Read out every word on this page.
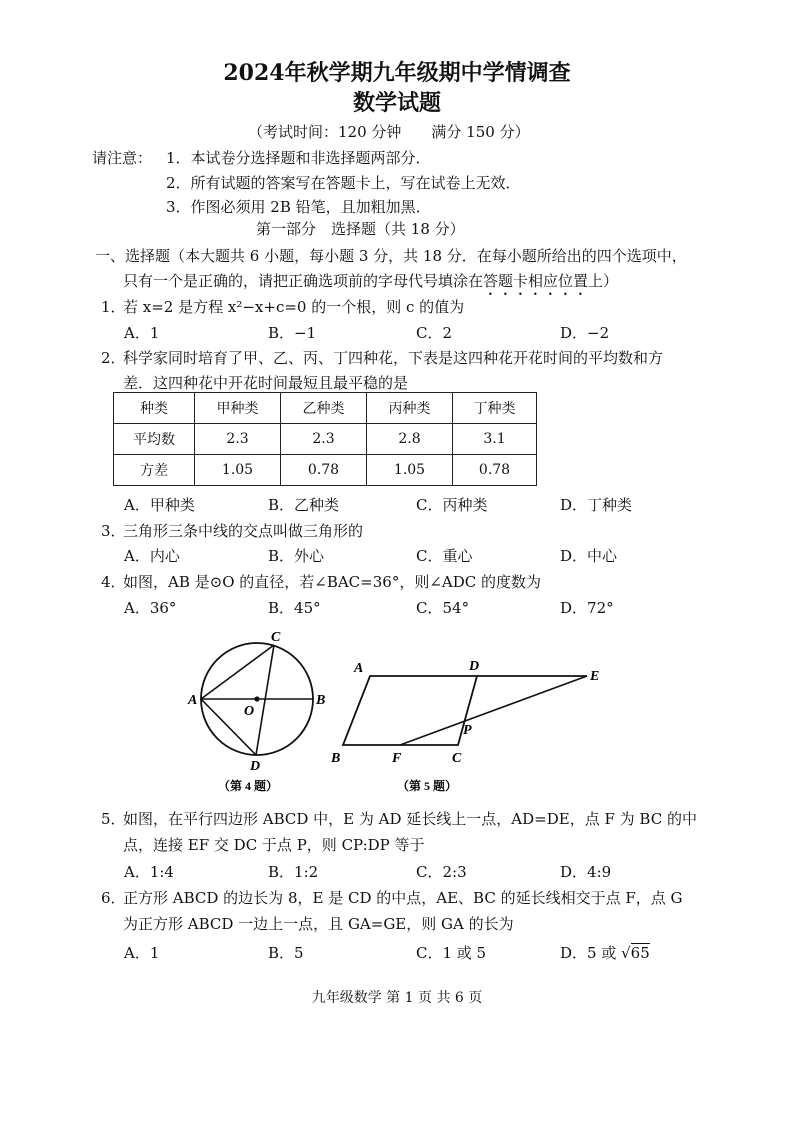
2024年秋学期九年级期中学情调查
数学试题
（考试时间：120 分钟　　满分 150 分）
请注意： 1．本试卷分选择题和非选择题两部分．
2．所有试题的答案写在答题卡上，写在试卷上无效．
3．作图必须用 2B 铅笔，且加粗加黑．
第一部分　选择题（共 18 分）
一、选择题（本大题共 6 小题，每小题 3 分，共 18 分．在每小题所给出的四个选项中，
只有一个是正确的，请把正确选项前的字母代号填涂在答题卡相应位置上）
1．
若 x=2 是方程 x²−x+c=0 的一个根，则 c 的值为
A．1	B．−1	C．2	D．−2
2．
科学家同时培育了甲、乙、丙、丁四种花，下表是这四种花开花时间的平均数和方
差．这四种花中开花时间最短且最平稳的是
种类	甲种类	乙种类	丙种类	丁种类
平均数	2.3	2.3	2.8	3.1
方差	1.05	0.78	1.05	0.78
A．甲种类	B．乙种类	C．丙种类	D．丁种类
3．
三角形三条中线的交点叫做三角形的
A．内心	B．外心	C．重心	D．中心
4．
如图，AB 是⊙O 的直径，若∠BAC=36°，则∠ADC 的度数为
A．36°	B．45°	C．54°	D．72°
C
A	B
O
D
（第 4 题）
A	D
E
P
B	F	C
（第 5 题）
5．
如图，在平行四边形 ABCD 中，E 为 AD 延长线上一点，AD=DE，点 F 为 BC 的中
点，连接 EF 交 DC 于点 P，则 CP:DP 等于
A．1:4	B．1:2	C．2:3	D．4:9
6．
正方形 ABCD 的边长为 8，E 是 CD 的中点，AE、BC 的延长线相交于点 F，点 G
为正方形 ABCD 一边上一点，且 GA=GE，则 GA 的长为
A．1	B．5	C．1 或 5	D．5 或 √65
九年级数学 第 1 页 共 6 页
